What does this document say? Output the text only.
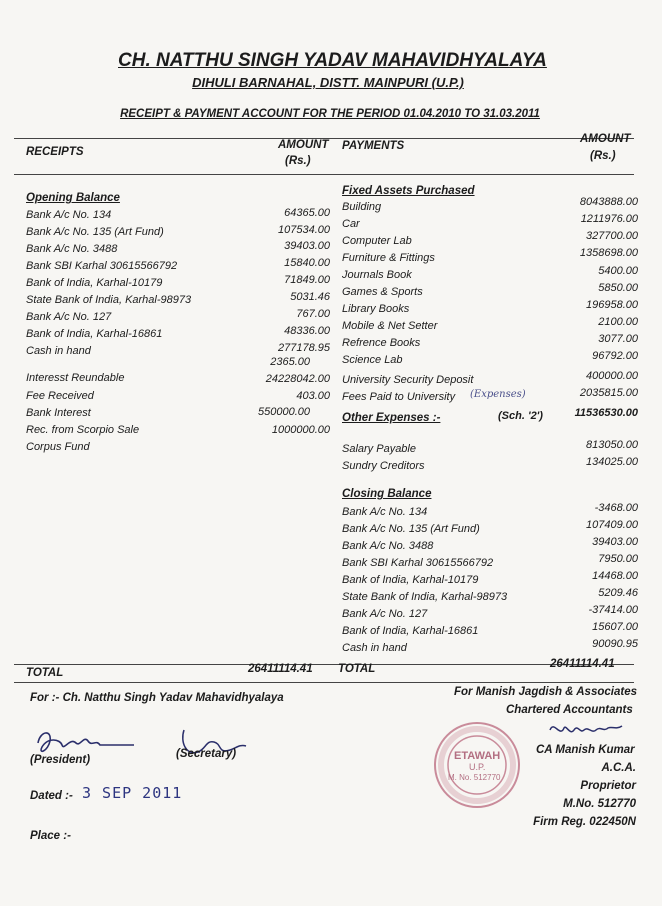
CH. NATTHU SINGH YADAV MAHAVIDHYALAYA
DIHULI BARNAHAL, DISTT. MAINPURI (U.P.)
RECEIPT & PAYMENT ACCOUNT FOR THE PERIOD 01.04.2010 TO 31.03.2011
RECEIPTS
AMOUNT
(Rs.)
PAYMENTS
AMOUNT
(Rs.)
Opening Balance
Bank A/c No. 134	64365.00
Bank A/c No. 135 (Art Fund)	107534.00
Bank A/c No. 3488	39403.00
Bank SBI Karhal 30615566792	15840.00
Bank of India, Karhal-10179	71849.00
State Bank of India, Karhal-98973	5031.46
Bank A/c No. 127	767.00
Bank of India, Karhal-16861	48336.00
Cash in hand	277178.95
2365.00
Interesst Reundable	24228042.00
Fee Received	403.00
Bank Interest	550000.00
Rec. from Scorpio Sale	1000000.00
Corpus Fund
Fixed Assets Purchased
Building	8043888.00
Car	1211976.00
Computer Lab	327700.00
Furniture & Fittings	1358698.00
Journals Book	5400.00
Games & Sports	5850.00
Library Books	196958.00
Mobile & Net Setter	2100.00
Refrence Books	3077.00
Science Lab	96792.00
University Security Deposit	400000.00
Fees Paid to University (Expenses)	2035815.00
Other Expenses :-	(Sch. '2')	11536530.00
Salary Payable	813050.00
Sundry Creditors	134025.00
Closing Balance
Bank A/c No. 134	-3468.00
Bank A/c No. 135 (Art Fund)	107409.00
Bank A/c No. 3488	39403.00
Bank SBI Karhal 30615566792	7950.00
Bank of India, Karhal-10179	14468.00
State Bank of India, Karhal-98973	5209.46
Bank A/c No. 127	-37414.00
Bank of India, Karhal-16861	15607.00
Cash in hand	90090.95
TOTAL	26411114.41 TOTAL	26411114.41
For :- Ch. Natthu Singh Yadav Mahavidhyalaya
(President)	(Secretary)
Dated :- 3 SEP 2011
Place :-
For Manish Jagdish & Associates
Chartered Accountants
ETAWAH
U.P.
M. No. 512770
CA Manish Kumar
A.C.A.
Proprietor
M.No. 512770
Firm Reg. 022450N
